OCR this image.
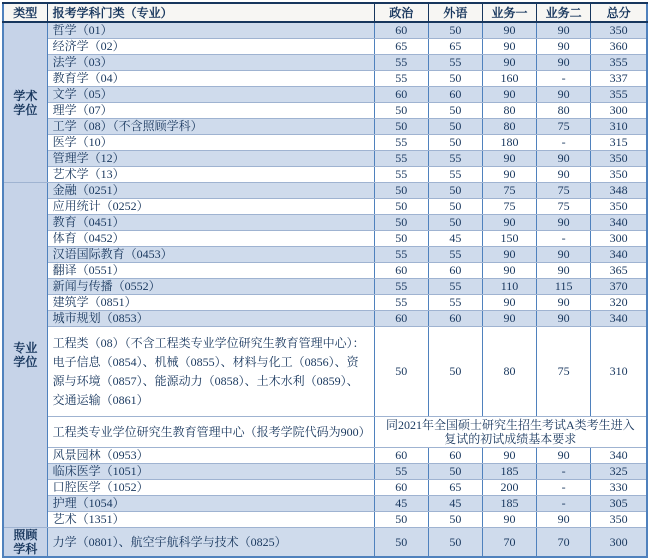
类型	报考学科门类（专业）	政治	外语	业务一	业务二	总分
学术学位	哲学（01）	60	50	90	90	350
	经济学（02）	65	65	90	90	360
	法学（03）	55	55	90	90	355
	教育学（04）	55	50	160	-	337
	文学（05）	60	60	90	90	355
	理学（07）	50	50	80	80	300
	工学（08）（不含照顾学科）	50	50	80	75	310
	医学（10）	55	50	180	-	315
	管理学（12）	55	55	90	90	350
	艺术学（13）	55	55	90	90	350
专业学位	金融（0251）	50	50	75	75	348
	应用统计（0252）	50	50	75	75	350
	教育（0451）	50	50	90	90	340
	体育（0452）	50	45	150	-	300
	汉语国际教育（0453）	55	55	90	90	340
	翻译（0551）	60	60	90	90	365
	新闻与传播（0552）	55	55	110	115	370
	建筑学（0851）	55	55	90	90	320
	城市规划（0853）	60	60	90	90	340
	工程类（08）（不含工程类专业学位研究生教育管理中心）：电子信息（0854）、机械（0855）、材料与化工（0856）、资源与环境（0857）、能源动力（0858）、土木水利（0859）、交通运输（0861）	50	50	80	75	310
	工程类专业学位研究生教育管理中心（报考学院代码为900）	同2021年全国硕士研究生招生考试A类考生进入复试的初试成绩基本要求				
	风景园林（0953）	60	60	90	90	340
	临床医学（1051）	55	50	185	-	325
	口腔医学（1052）	60	65	200	-	330
	护理（1054）	45	45	185	-	305
	艺术（1351）	50	50	90	90	350
照顾学科	力学（0801）、航空宇航科学与技术（0825）	50	50	70	70	300
